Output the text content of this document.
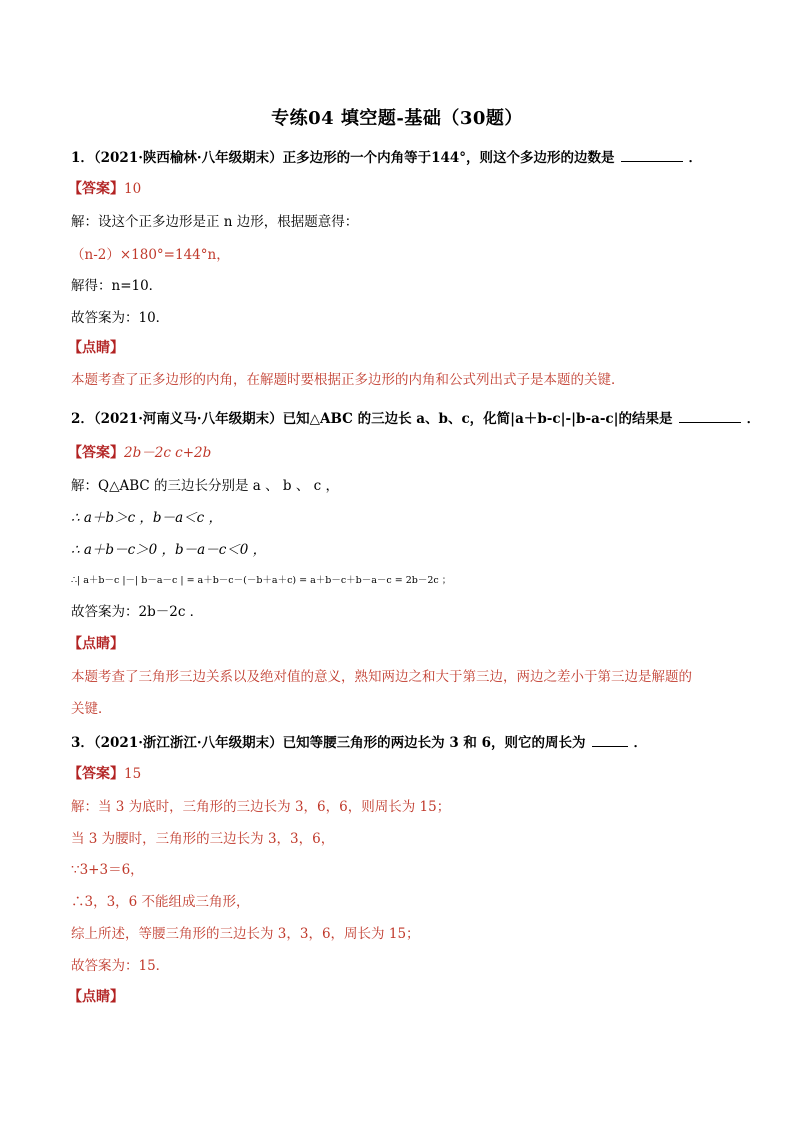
专练04 填空题-基础（30题）
1．（2021·陕西榆林·八年级期末）正多边形的一个内角等于144°，则这个多边形的边数是	．
【答案】10
解：设这个正多边形是正 n 边形，根据题意得：
（n-2）×180°=144°n，
解得：n=10．
故答案为：10．
【点睛】
本题考查了正多边形的内角，在解题时要根据正多边形的内角和公式列出式子是本题的关键．
2．（2021·河南义马·八年级期末）已知△ABC 的三边长 a、b、c，化简|a＋b-c|-|b-a-c|的结果是	．
【答案】2b－2c c+2b
解：Q△ABC 的三边长分别是 a 、 b 、 c ，
∴ a＋b＞c ，b－a＜c ，
∴ a＋b－c＞0 ，b－a－c＜0 ，
∴| a＋b－c |－| b－a－c | = a＋b－c－(－b＋a＋c) = a＋b－c＋b－a－c = 2b－2c ；
故答案为：2b－2c ．
【点睛】
本题考查了三角形三边关系以及绝对值的意义，熟知两边之和大于第三边，两边之差小于第三边是解题的
关键．
3．（2021·浙江浙江·八年级期末）已知等腰三角形的两边长为 3 和 6，则它的周长为	．
【答案】15
解：当 3 为底时，三角形的三边长为 3，6，6，则周长为 15；
当 3 为腰时，三角形的三边长为 3，3，6，
∵3+3＝6，
∴3，3，6 不能组成三角形，
综上所述，等腰三角形的三边长为 3，3，6，周长为 15；
故答案为：15．
【点睛】
